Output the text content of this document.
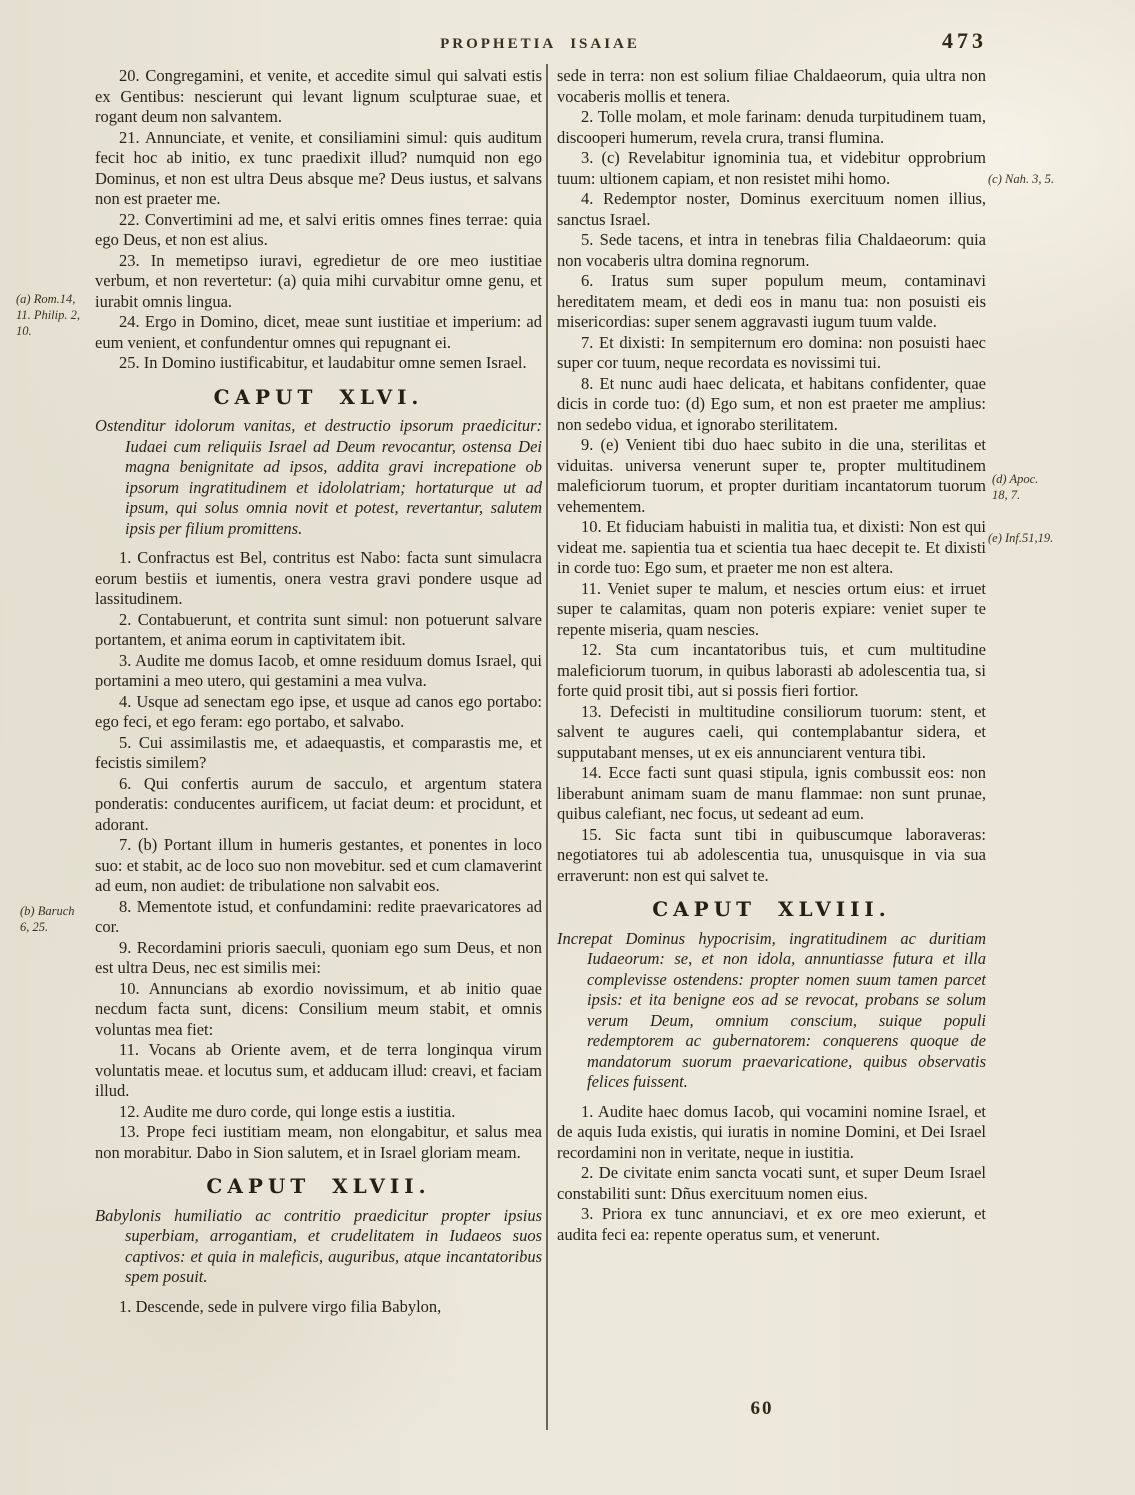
PROPHETIA ISAIAE	473
(a) Rom.14,
11. Philip. 2,
10.
(b) Baruch
6, 25.
(c) Nah. 3, 5.
(d) Apoc.
18, 7.
(e) Inf.51,19.

20. Congregamini, et venite, et accedite simul qui salvati estis ex Gentibus: nescierunt qui levant lignum sculpturae suae, et rogant deum non salvantem.

21. Annunciate, et venite, et consiliamini simul: quis auditum fecit hoc ab initio, ex tunc praedixit illud? numquid non ego Dominus, et non est ultra Deus absque me? Deus iustus, et salvans non est praeter me.

22. Convertimini ad me, et salvi eritis omnes fines terrae: quia ego Deus, et non est alius.

23. In memetipso iuravi, egredietur de ore meo iustitiae verbum, et non revertetur: (a) quia mihi curvabitur omne genu, et iurabit omnis lingua.

24. Ergo in Domino, dicet, meae sunt iustitiae et imperium: ad eum venient, et confundentur omnes qui repugnant ei.

25. In Domino iustificabitur, et laudabitur omne semen Israel.

CAPUT XLVI.

Ostenditur idolorum vanitas, et destructio ipsorum praedicitur: Iudaei cum reliquiis Israel ad Deum revocantur, ostensa Dei magna benignitate ad ipsos, addita gravi increpatione ob ipsorum ingratitudinem et idololatriam; hortaturque ut ad ipsum, qui solus omnia novit et potest, revertantur, salutem ipsis per filium promittens.

1. Confractus est Bel, contritus est Nabo: facta sunt simulacra eorum bestiis et iumentis, onera vestra gravi pondere usque ad lassitudinem.

2. Contabuerunt, et contrita sunt simul: non potuerunt salvare portantem, et anima eorum in captivitatem ibit.

3. Audite me domus Iacob, et omne residuum domus Israel, qui portamini a meo utero, qui gestamini a mea vulva.

4. Usque ad senectam ego ipse, et usque ad canos ego portabo: ego feci, et ego feram: ego portabo, et salvabo.

5. Cui assimilastis me, et adaequastis, et comparastis me, et fecistis similem?

6. Qui confertis aurum de sacculo, et argentum statera ponderatis: conducentes aurificem, ut faciat deum: et procidunt, et adorant.

7. (b) Portant illum in humeris gestantes, et ponentes in loco suo: et stabit, ac de loco suo non movebitur. sed et cum clamaverint ad eum, non audiet: de tribulatione non salvabit eos.

8. Mementote istud, et confundamini: redite praevaricatores ad cor.

9. Recordamini prioris saeculi, quoniam ego sum Deus, et non est ultra Deus, nec est similis mei:

10. Annuncians ab exordio novissimum, et ab initio quae necdum facta sunt, dicens: Consilium meum stabit, et omnis voluntas mea fiet:

11. Vocans ab Oriente avem, et de terra longinqua virum voluntatis meae. et locutus sum, et adducam illud: creavi, et faciam illud.

12. Audite me duro corde, qui longe estis a iustitia.

13. Prope feci iustitiam meam, non elongabitur, et salus mea non morabitur. Dabo in Sion salutem, et in Israel gloriam meam.

CAPUT XLVII.

Babylonis humiliatio ac contritio praedicitur propter ipsius superbiam, arrogantiam, et crudelitatem in Iudaeos suos captivos: et quia in maleficis, auguribus, atque incantatoribus spem posuit.

1. Descende, sede in pulvere virgo filia Babylon,

sede in terra: non est solium filiae Chaldaeorum, quia ultra non vocaberis mollis et tenera.

2. Tolle molam, et mole farinam: denuda turpitudinem tuam, discooperi humerum, revela crura, transi flumina.

3. (c) Revelabitur ignominia tua, et videbitur opprobrium tuum: ultionem capiam, et non resistet mihi homo.

4. Redemptor noster, Dominus exercituum nomen illius, sanctus Israel.

5. Sede tacens, et intra in tenebras filia Chaldaeorum: quia non vocaberis ultra domina regnorum.

6. Iratus sum super populum meum, contaminavi hereditatem meam, et dedi eos in manu tua: non posuisti eis misericordias: super senem aggravasti iugum tuum valde.

7. Et dixisti: In sempiternum ero domina: non posuisti haec super cor tuum, neque recordata es novissimi tui.

8. Et nunc audi haec delicata, et habitans confidenter, quae dicis in corde tuo: (d) Ego sum, et non est praeter me amplius: non sedebo vidua, et ignorabo sterilitatem.

9. (e) Venient tibi duo haec subito in die una, sterilitas et viduitas. universa venerunt super te, propter multitudinem maleficiorum tuorum, et propter duritiam incantatorum tuorum vehementem.

10. Et fiduciam habuisti in malitia tua, et dixisti: Non est qui videat me. sapientia tua et scientia tua haec decepit te. Et dixisti in corde tuo: Ego sum, et praeter me non est altera.

11. Veniet super te malum, et nescies ortum eius: et irruet super te calamitas, quam non poteris expiare: veniet super te repente miseria, quam nescies.

12. Sta cum incantatoribus tuis, et cum multitudine maleficiorum tuorum, in quibus laborasti ab adolescentia tua, si forte quid prosit tibi, aut si possis fieri fortior.

13. Defecisti in multitudine consiliorum tuorum: stent, et salvent te augures caeli, qui contemplabantur sidera, et supputabant menses, ut ex eis annunciarent ventura tibi.

14. Ecce facti sunt quasi stipula, ignis combussit eos: non liberabunt animam suam de manu flammae: non sunt prunae, quibus calefiant, nec focus, ut sedeant ad eum.

15. Sic facta sunt tibi in quibuscumque laboraveras: negotiatores tui ab adolescentia tua, unusquisque in via sua erraverunt: non est qui salvet te.

CAPUT XLVIII.

Increpat Dominus hypocrisim, ingratitudinem ac duritiam Iudaeorum: se, et non idola, annuntiasse futura et illa complevisse ostendens: propter nomen suum tamen parcet ipsis: et ita benigne eos ad se revocat, probans se solum verum Deum, omnium conscium, suique populi redemptorem ac gubernatorem: conquerens quoque de mandatorum suorum praevaricatione, quibus observatis felices fuissent.

1. Audite haec domus Iacob, qui vocamini nomine Israel, et de aquis Iuda existis, qui iuratis in nomine Domini, et Dei Israel recordamini non in veritate, neque in iustitia.

2. De civitate enim sancta vocati sunt, et super Deum Israel constabiliti sunt: Dñus exercituum nomen eius.

3. Priora ex tunc annunciavi, et ex ore meo exierunt, et audita feci ea: repente operatus sum, et venerunt.

60
